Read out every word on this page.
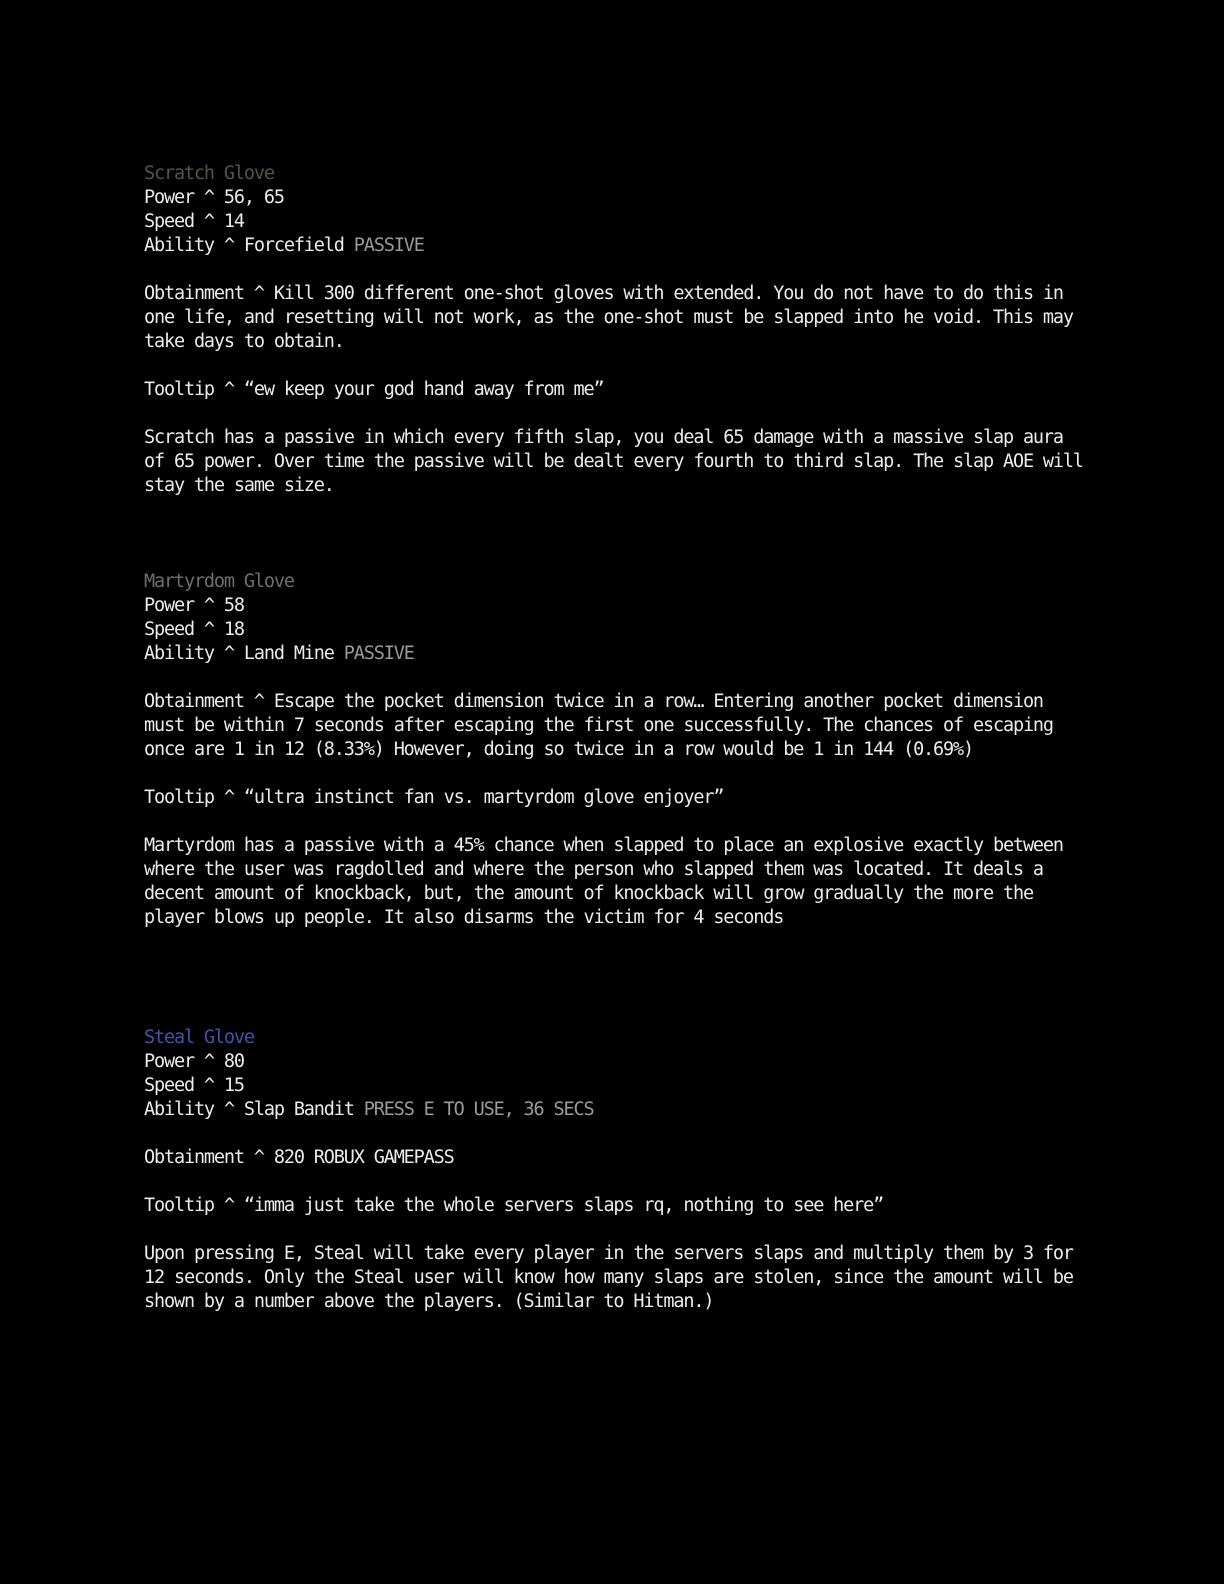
Scratch Glove
Power ^ 56, 65
Speed ^ 14
Ability ^ Forcefield PASSIVE
Obtainment ^ Kill 300 different one-shot gloves with extended. You do not have to do this in one life, and resetting will not work, as the one-shot must be slapped into he void. This may take days to obtain.
Tooltip ^ “ew keep your god hand away from me”
Scratch has a passive in which every fifth slap, you deal 65 damage with a massive slap aura of 65 power. Over time the passive will be dealt every fourth to third slap. The slap AOE will stay the same size.
Martyrdom Glove
Power ^ 58
Speed ^ 18
Ability ^ Land Mine PASSIVE
Obtainment ^ Escape the pocket dimension twice in a row… Entering another pocket dimension must be within 7 seconds after escaping the first one successfully. The chances of escaping once are 1 in 12 (8.33%) However, doing so twice in a row would be 1 in 144 (0.69%)
Tooltip ^ “ultra instinct fan vs. martyrdom glove enjoyer”
Martyrdom has a passive with a 45% chance when slapped to place an explosive exactly between where the user was ragdolled and where the person who slapped them was located. It deals a decent amount of knockback, but, the amount of knockback will grow gradually the more the player blows up people. It also disarms the victim for 4 seconds
Steal Glove
Power ^ 80
Speed ^ 15
Ability ^ Slap Bandit PRESS E TO USE, 36 SECS
Obtainment ^ 820 ROBUX GAMEPASS
Tooltip ^ “imma just take the whole servers slaps rq, nothing to see here”
Upon pressing E, Steal will take every player in the servers slaps and multiply them by 3 for 12 seconds. Only the Steal user will know how many slaps are stolen, since the amount will be shown by a number above the players. (Similar to Hitman.)
